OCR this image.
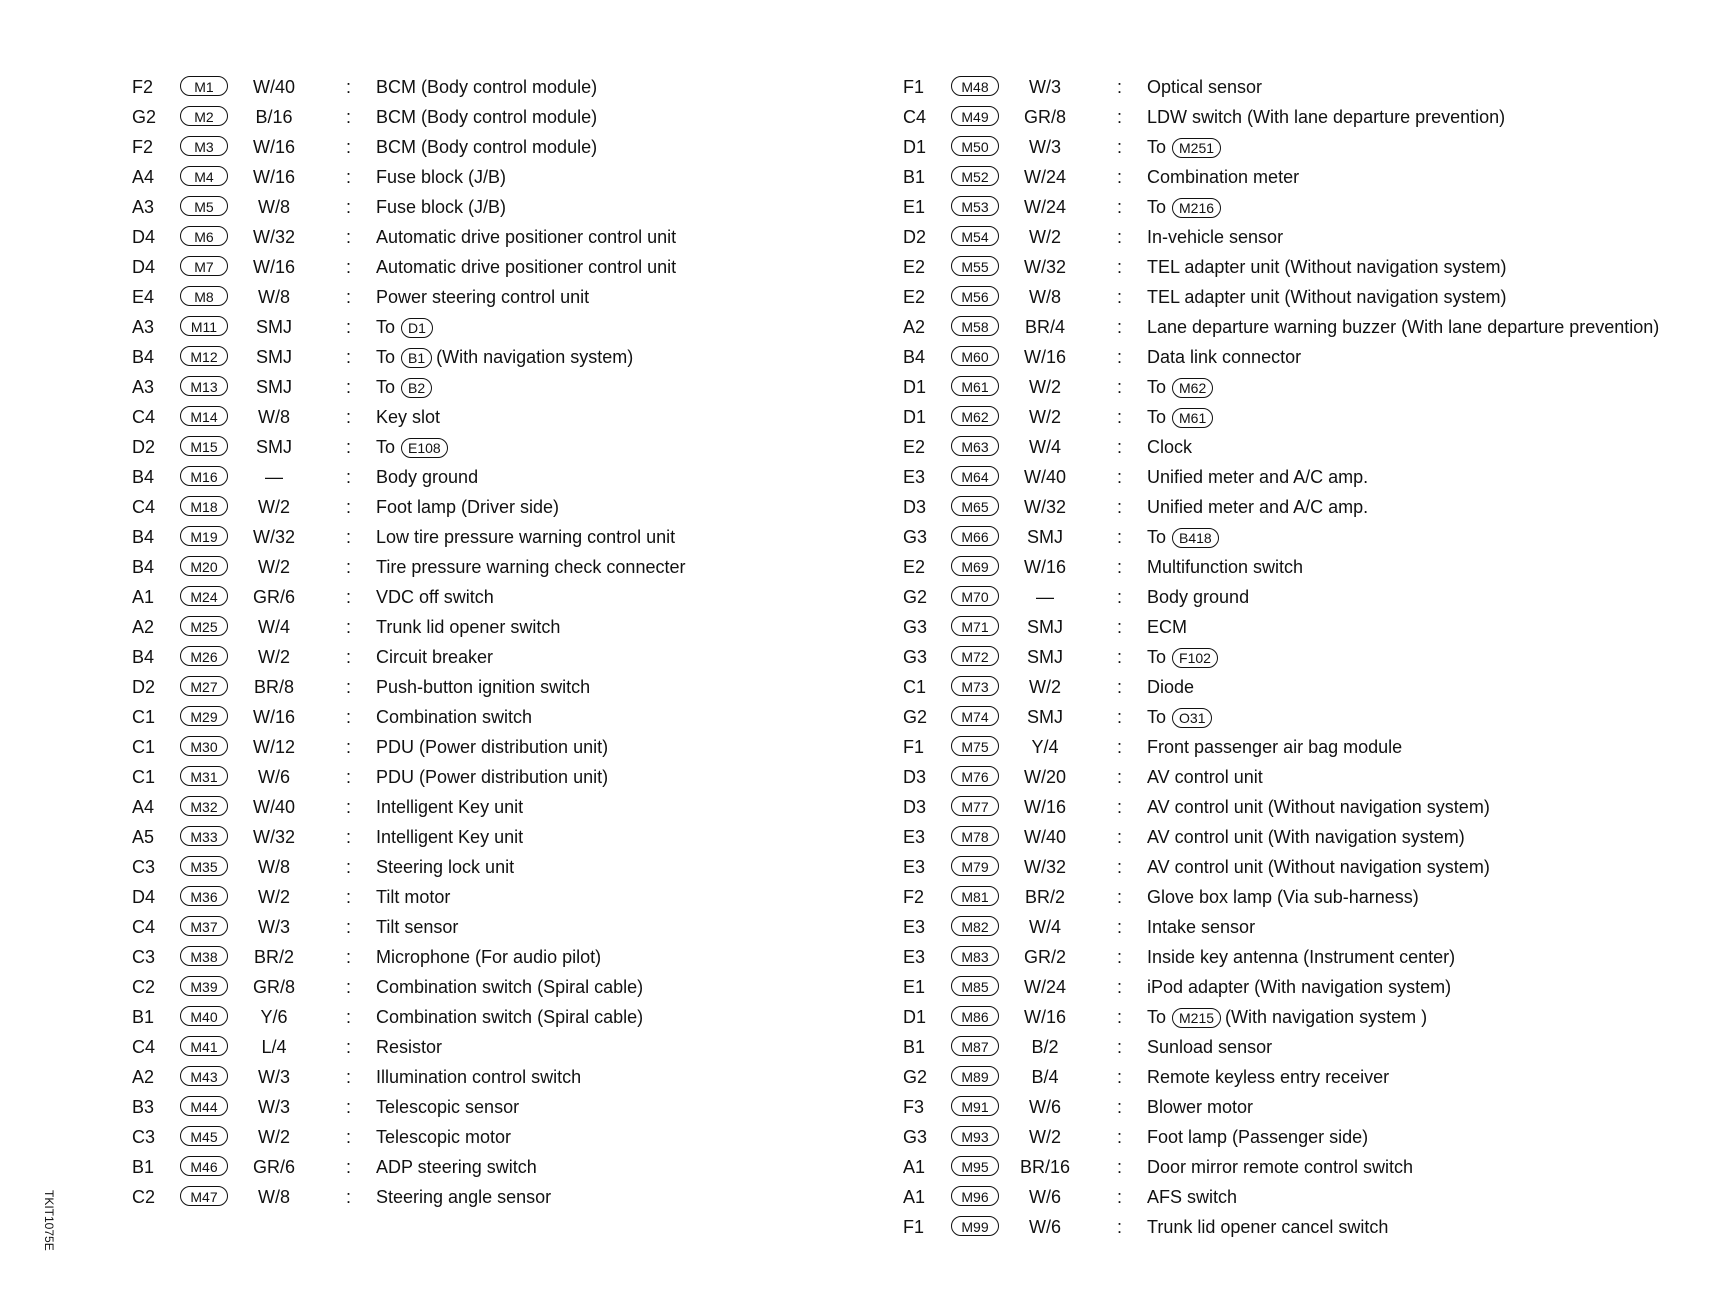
F2	M1	W/40	: BCM (Body control module)
G2	M2	B/16	: BCM (Body control module)
F2	M3	W/16	: BCM (Body control module)
A4	M4	W/16	: Fuse block (J/B)
A3	M5	W/8	: Fuse block (J/B)
D4	M6	W/32	: Automatic drive positioner control unit
D4	M7	W/16	: Automatic drive positioner control unit
E4	M8	W/8	: Power steering control unit
A3	M11	SMJ	: To D1
B4	M12	SMJ	: To B1 (With navigation system)
A3	M13	SMJ	: To B2
C4	M14	W/8	: Key slot
D2	M15	SMJ	: To E108
B4	M16	—	: Body ground
C4	M18	W/2	: Foot lamp (Driver side)
B4	M19	W/32	: Low tire pressure warning control unit
B4	M20	W/2	: Tire pressure warning check connecter
A1	M24	GR/6	: VDC off switch
A2	M25	W/4	: Trunk lid opener switch
B4	M26	W/2	: Circuit breaker
D2	M27	BR/8	: Push-button ignition switch
C1	M29	W/16	: Combination switch
C1	M30	W/12	: PDU (Power distribution unit)
C1	M31	W/6	: PDU (Power distribution unit)
A4	M32	W/40	: Intelligent Key unit
A5	M33	W/32	: Intelligent Key unit
C3	M35	W/8	: Steering lock unit
D4	M36	W/2	: Tilt motor
C4	M37	W/3	: Tilt sensor
C3	M38	BR/2	: Microphone (For audio pilot)
C2	M39	GR/8	: Combination switch (Spiral cable)
B1	M40	Y/6	: Combination switch (Spiral cable)
C4	M41	L/4	: Resistor
A2	M43	W/3	: Illumination control switch
B3	M44	W/3	: Telescopic sensor
C3	M45	W/2	: Telescopic motor
B1	M46	GR/6	: ADP steering switch
C2	M47	W/8	: Steering angle sensor
F1	M48	W/3	: Optical sensor
C4	M49	GR/8	: LDW switch (With lane departure prevention)
D1	M50	W/3	: To M251
B1	M52	W/24	: Combination meter
E1	M53	W/24	: To M216
D2	M54	W/2	: In-vehicle sensor
E2	M55	W/32	: TEL adapter unit (Without navigation system)
E2	M56	W/8	: TEL adapter unit (Without navigation system)
A2	M58	BR/4	: Lane departure warning buzzer (With lane departure prevention)
B4	M60	W/16	: Data link connector
D1	M61	W/2	: To M62
D1	M62	W/2	: To M61
E2	M63	W/4	: Clock
E3	M64	W/40	: Unified meter and A/C amp.
D3	M65	W/32	: Unified meter and A/C amp.
G3	M66	SMJ	: To B418
E2	M69	W/16	: Multifunction switch
G2	M70	—	: Body ground
G3	M71	SMJ	: ECM
G3	M72	SMJ	: To F102
C1	M73	W/2	: Diode
G2	M74	SMJ	: To O31
F1	M75	Y/4	: Front passenger air bag module
D3	M76	W/20	: AV control unit
D3	M77	W/16	: AV control unit (Without navigation system)
E3	M78	W/40	: AV control unit (With navigation system)
E3	M79	W/32	: AV control unit (Without navigation system)
F2	M81	BR/2	: Glove box lamp (Via sub-harness)
E3	M82	W/4	: Intake sensor
E3	M83	GR/2	: Inside key antenna (Instrument center)
E1	M85	W/24	: iPod adapter (With navigation system)
D1	M86	W/16	: To M215 (With navigation system )
B1	M87	B/2	: Sunload sensor
G2	M89	B/4	: Remote keyless entry receiver
F3	M91	W/6	: Blower motor
G3	M93	W/2	: Foot lamp (Passenger side)
A1	M95	BR/16	: Door mirror remote control switch
A1	M96	W/6	: AFS switch
F1	M99	W/6	: Trunk lid opener cancel switch
TKIT1075E
